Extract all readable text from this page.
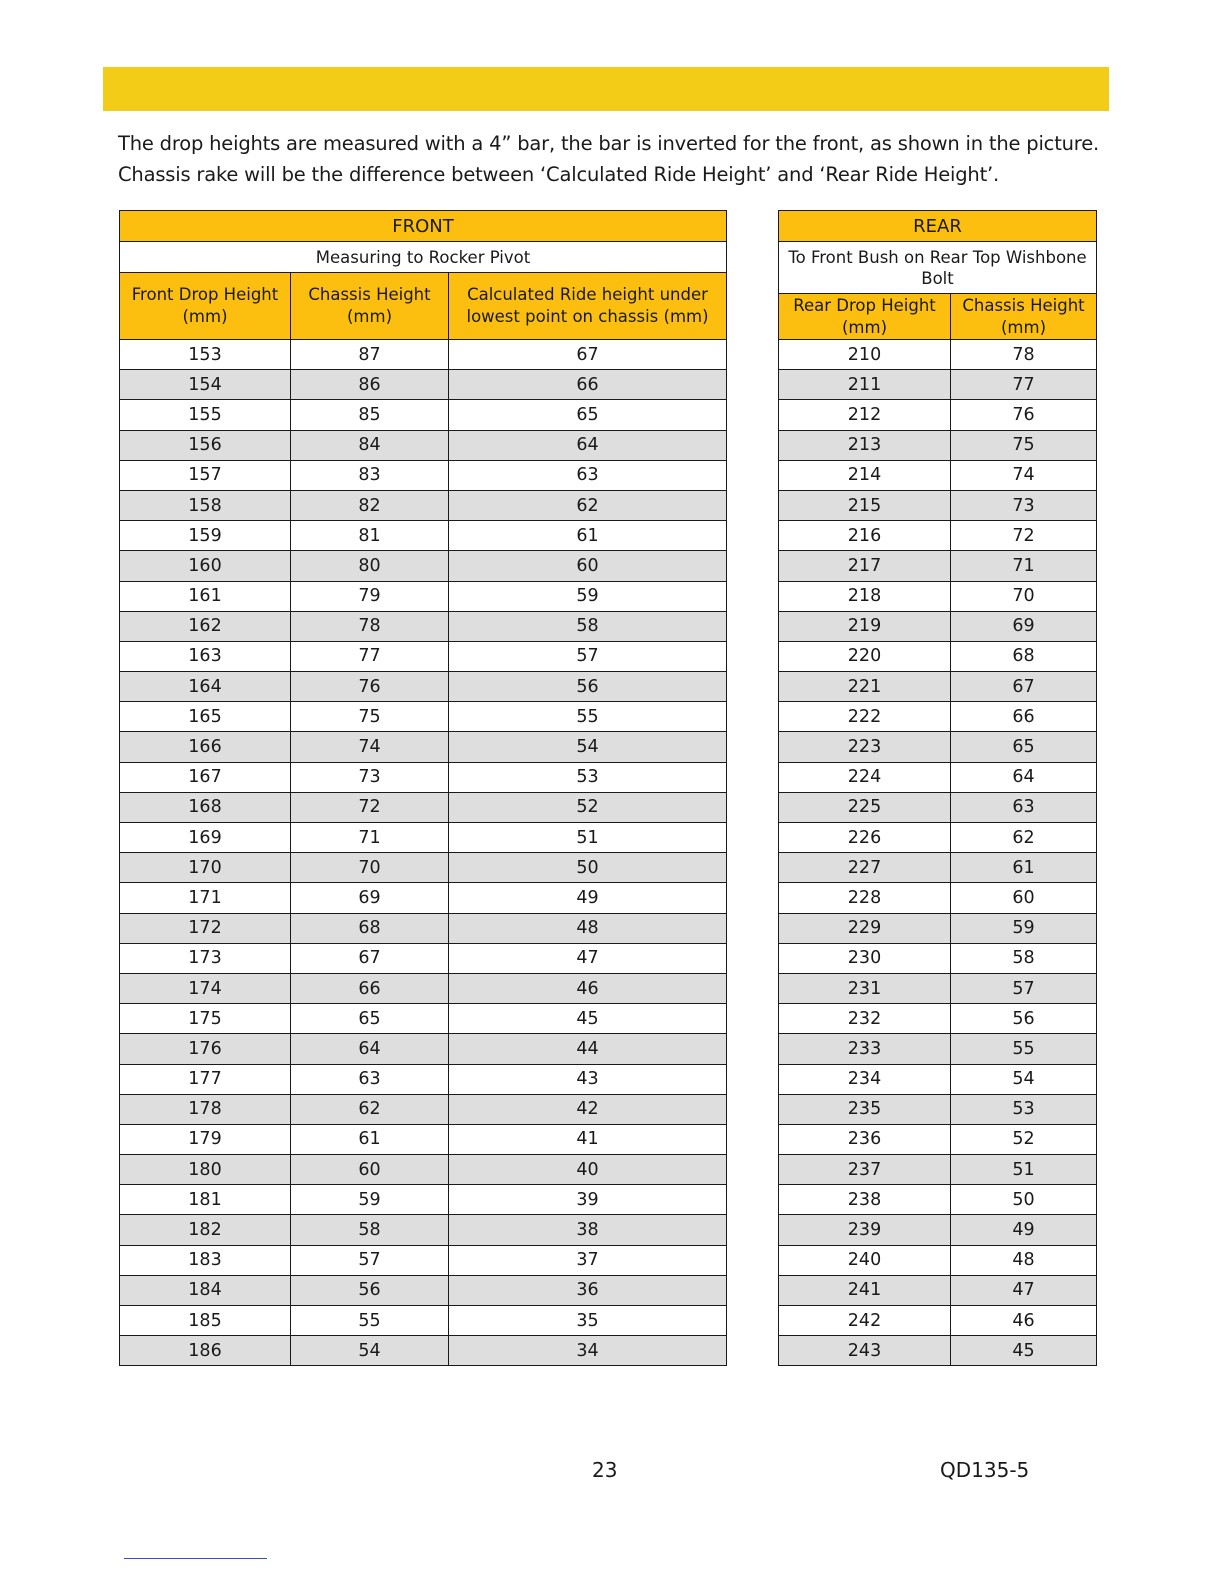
The drop heights are measured with a 4” bar, the bar is inverted for the front, as shown in the picture.

Chassis rake will be the difference between ‘Calculated Ride Height’ and ‘Rear Ride Height’.

FRONT		
Measuring to Rocker Pivot		
Front Drop Height (mm)	Chassis Height (mm)	Calculated Ride height under lowest point on chassis (mm)
153	87	67
154	86	66
155	85	65
156	84	64
157	83	63
158	82	62
159	81	61
160	80	60
161	79	59
162	78	58
163	77	57
164	76	56
165	75	55
166	74	54
167	73	53
168	72	52
169	71	51
170	70	50
171	69	49
172	68	48
173	67	47
174	66	46
175	65	45
176	64	44
177	63	43
178	62	42
179	61	41
180	60	40
181	59	39
182	58	38
183	57	37
184	56	36
185	55	35
186	54	34
REAR	
To Front Bush on Rear Top Wishbone Bolt	
Rear Drop Height (mm)	Chassis Height (mm)
210	78
211	77
212	76
213	75
214	74
215	73
216	72
217	71
218	70
219	69
220	68
221	67
222	66
223	65
224	64
225	63
226	62
227	61
228	60
229	59
230	58
231	57
232	56
233	55
234	54
235	53
236	52
237	51
238	50
239	49
240	48
241	47
242	46
243	45
23	QD135-5
